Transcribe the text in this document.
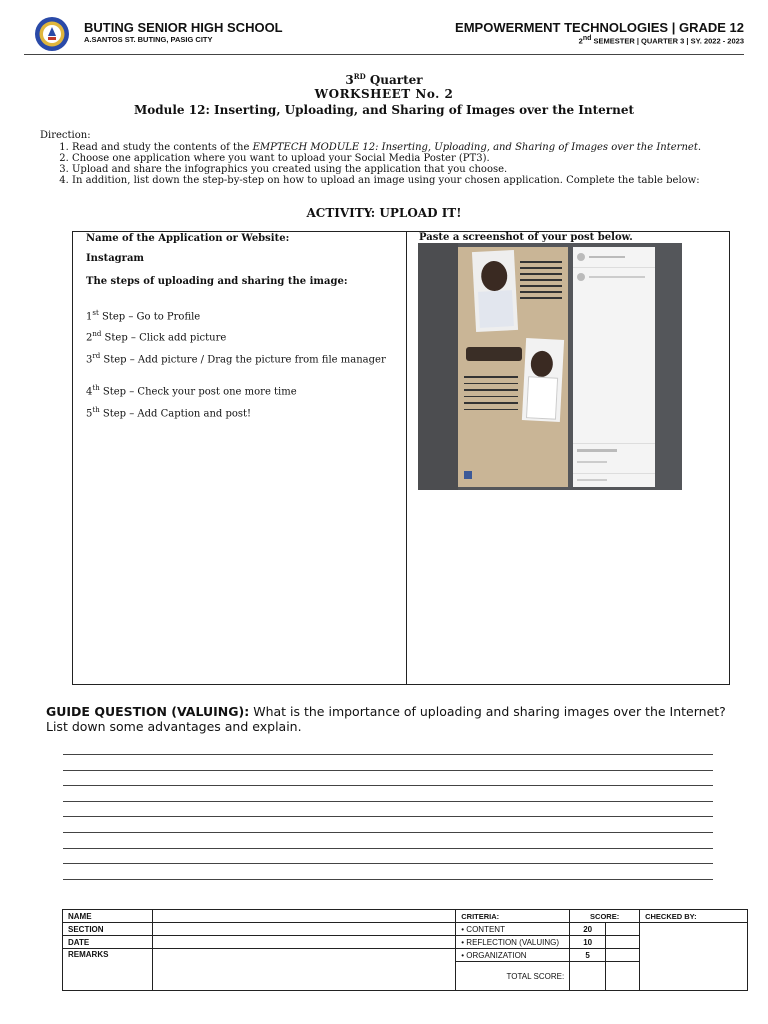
BUTING SENIOR HIGH SCHOOL
A.SANTOS ST. BUTING, PASIG CITY
EMPOWERMENT TECHNOLOGIES | GRADE 12
2nd SEMESTER | QUARTER 3 | SY. 2022 - 2023
3RD Quarter
WORKSHEET No. 2
Module 12: Inserting, Uploading, and Sharing of Images over the Internet
Direction:
1. Read and study the contents of the EMPTECH MODULE 12: Inserting, Uploading, and Sharing of Images over the Internet.
2. Choose one application where you want to upload your Social Media Poster (PT3).
3. Upload and share the infographics you created using the application that you choose.
4. In addition, list down the step-by-step on how to upload an image using your chosen application. Complete the table below:
ACTIVITY: UPLOAD IT!
Name of the Application or Website:
Instagram
The steps of uploading and sharing the image:

1st Step – Go to Profile

2nd Step – Click add picture

3rd Step – Add picture / Drag the picture from file manager

4th Step – Check your post one more time

5th Step – Add Caption and post!

Paste a screenshot of your post below.
GUIDE QUESTION (VALUING): What is the importance of uploading and sharing images over the Internet? List down some advantages and explain.
NAME		CRITERIA:	SCORE:		CHECKED BY:
SECTION		• CONTENT	20		
DATE		• REFLECTION (VALUING)	10		
REMARKS		• ORGANIZATION	5		
		TOTAL SCORE:			
